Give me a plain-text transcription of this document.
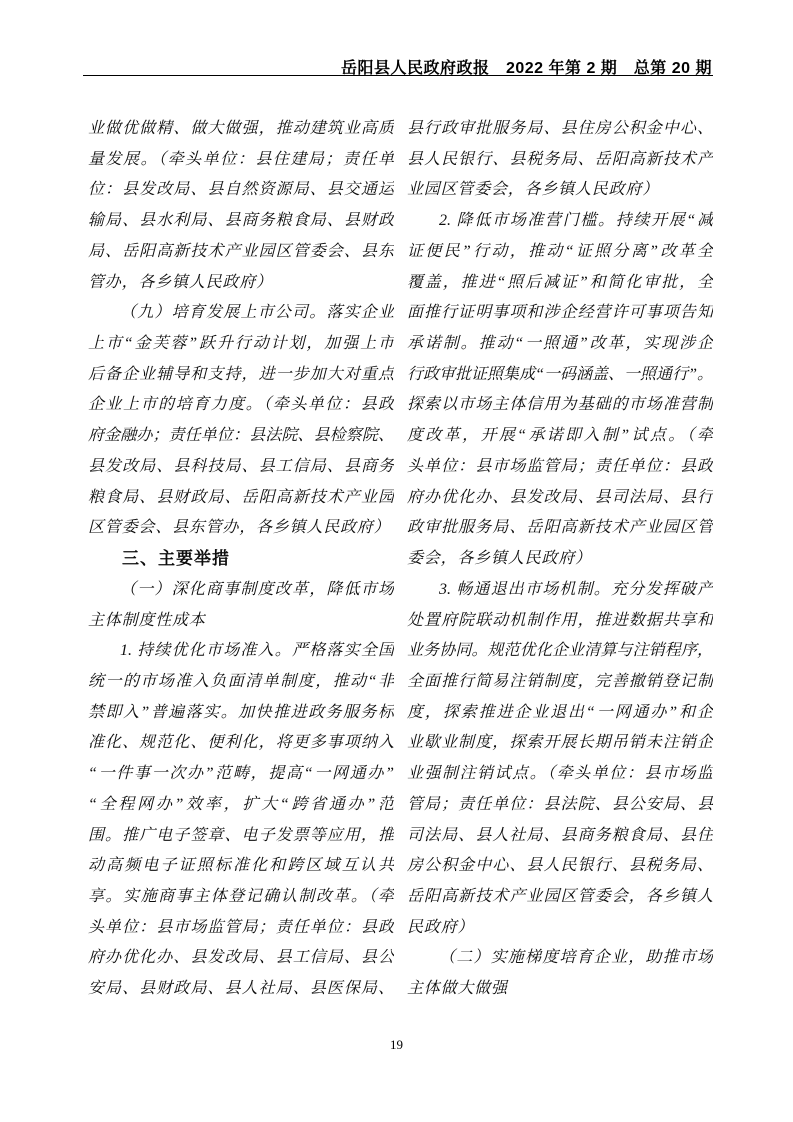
岳阳县人民政府政报　2022 年第 2 期　总第 20 期
业做优做精、做大做强，推动建筑业高质
量发展。（牵头单位：县住建局；责任单
位：县发改局、县自然资源局、县交通运
输局、县水利局、县商务粮食局、县财政
局、岳阳高新技术产业园区管委会、县东
管办，各乡镇人民政府）
（九）培育发展上市公司。落实企业
上市“金芙蓉”跃升行动计划，加强上市
后备企业辅导和支持，进一步加大对重点
企业上市的培育力度。（牵头单位：县政
府金融办；责任单位：县法院、县检察院、
县发改局、县科技局、县工信局、县商务
粮食局、县财政局、岳阳高新技术产业园
区管委会、县东管办，各乡镇人民政府）
三、主要举措
（一）深化商事制度改革，降低市场
主体制度性成本
1. 持续优化市场准入。严格落实全国
统一的市场准入负面清单制度，推动“非
禁即入”普遍落实。加快推进政务服务标
准化、规范化、便利化，将更多事项纳入
“一件事一次办”范畴，提高“一网通办”
“全程网办”效率，扩大“跨省通办”范
围。推广电子签章、电子发票等应用，推
动高频电子证照标准化和跨区域互认共
享。实施商事主体登记确认制改革。（牵
头单位：县市场监管局；责任单位：县政
府办优化办、县发改局、县工信局、县公
安局、县财政局、县人社局、县医保局、
县行政审批服务局、县住房公积金中心、
县人民银行、县税务局、岳阳高新技术产
业园区管委会，各乡镇人民政府）
2. 降低市场准营门槛。持续开展“减
证便民”行动，推动“证照分离”改革全
覆盖，推进“照后减证”和简化审批，全
面推行证明事项和涉企经营许可事项告知
承诺制。推动“一照通”改革，实现涉企
行政审批证照集成“一码涵盖、一照通行”。
探索以市场主体信用为基础的市场准营制
度改革，开展“承诺即入制”试点。（牵
头单位：县市场监管局；责任单位：县政
府办优化办、县发改局、县司法局、县行
政审批服务局、岳阳高新技术产业园区管
委会，各乡镇人民政府）
3. 畅通退出市场机制。充分发挥破产
处置府院联动机制作用，推进数据共享和
业务协同。规范优化企业清算与注销程序，
全面推行简易注销制度，完善撤销登记制
度，探索推进企业退出“一网通办”和企
业歇业制度，探索开展长期吊销未注销企
业强制注销试点。（牵头单位：县市场监
管局；责任单位：县法院、县公安局、县
司法局、县人社局、县商务粮食局、县住
房公积金中心、县人民银行、县税务局、
岳阳高新技术产业园区管委会，各乡镇人
民政府）
（二）实施梯度培育企业，助推市场
主体做大做强
19
